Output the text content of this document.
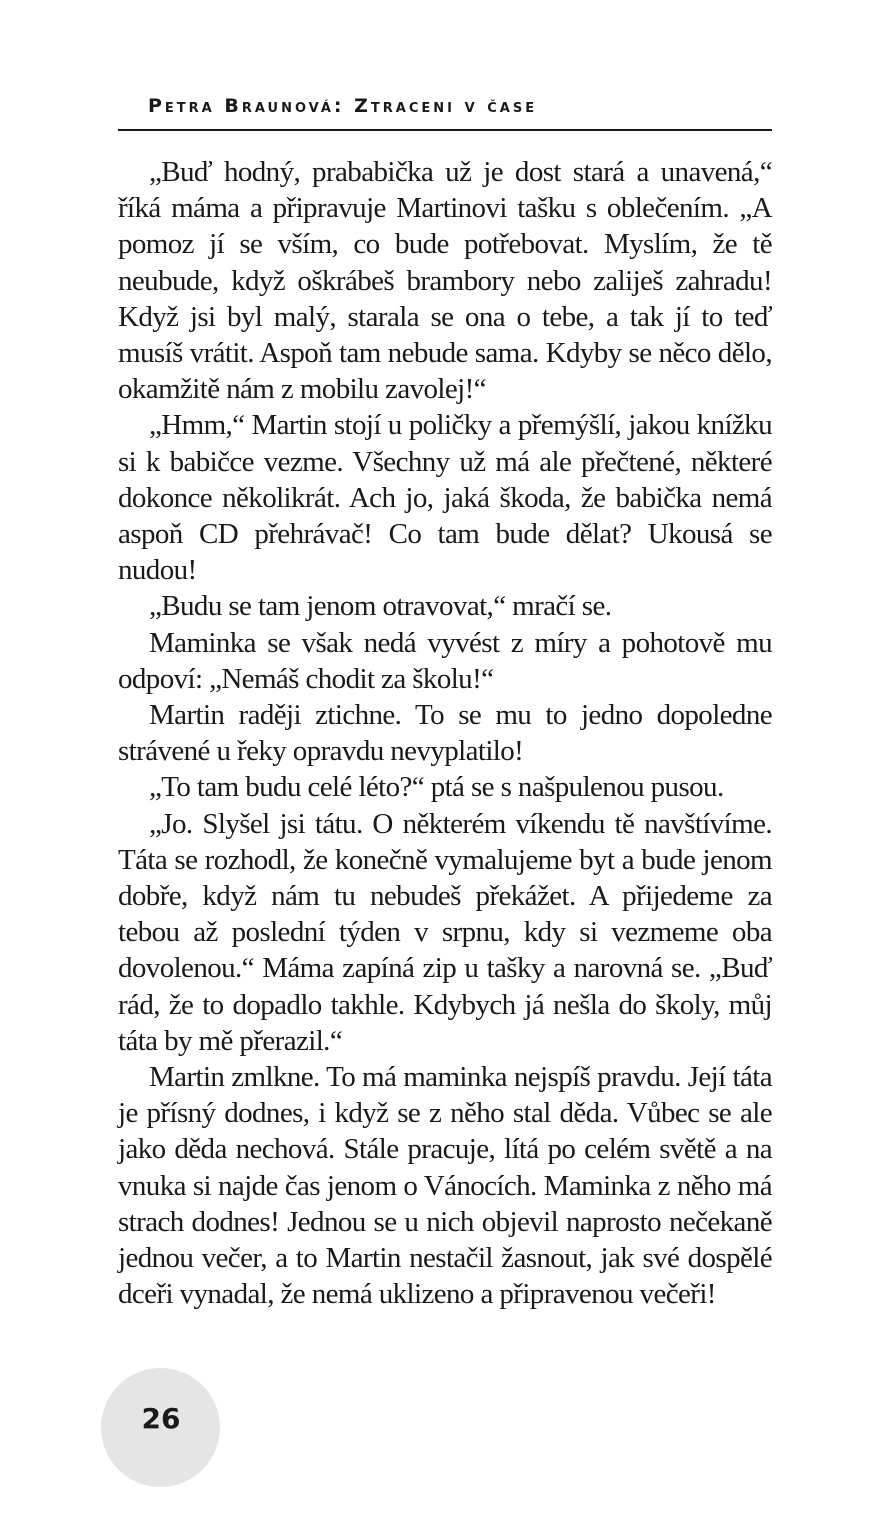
Petra Braunová: Ztraceni v čase

„Buď hodný, prababička už je dost stará a unavená,“ říká máma a připravuje Martinovi tašku s oblečením. „A pomoz jí se vším, co bude potřebovat. Myslím, že tě neubude, když oškrábeš brambory nebo zaliješ zahradu! Když jsi byl malý, starala se ona o tebe, a tak jí to teď musíš vrátit. Aspoň tam nebude sama. Kdyby se něco dělo, okamžitě nám z mobilu zavolej!“

„Hmm,“ Martin stojí u poličky a přemýšlí, jakou knížku si k babičce vezme. Všechny už má ale přečtené, některé dokonce několikrát. Ach jo, jaká škoda, že babička nemá aspoň CD přehrávač! Co tam bude dělat? Ukousá se nudou!

„Budu se tam jenom otravovat,“ mračí se.

Maminka se však nedá vyvést z míry a pohotově mu odpoví: „Nemáš chodit za školu!“

Martin raději ztichne. To se mu to jedno dopoledne strávené u řeky opravdu nevyplatilo!

„To tam budu celé léto?“ ptá se s našpulenou pusou.

„Jo. Slyšel jsi tátu. O některém víkendu tě navštívíme. Táta se rozhodl, že konečně vymalujeme byt a bude jenom dobře, když nám tu nebudeš překážet. A přijedeme za tebou až poslední týden v srpnu, kdy si vezmeme oba dovolenou.“ Máma zapíná zip u tašky a narovná se. „Buď rád, že to dopadlo takhle. Kdybych já nešla do školy, můj táta by mě přerazil.“

Martin zmlkne. To má maminka nejspíš pravdu. Její táta je přísný dodnes, i když se z něho stal děda. Vůbec se ale jako děda nechová. Stále pracuje, lítá po celém světě a na vnuka si najde čas jenom o Vánocích. Maminka z něho má strach dodnes! Jednou se u nich objevil naprosto nečekaně jednou večer, a to Martin nestačil žasnout, jak své dospělé dceři vynadal, že nemá uklizeno a připravenou večeři!

26
